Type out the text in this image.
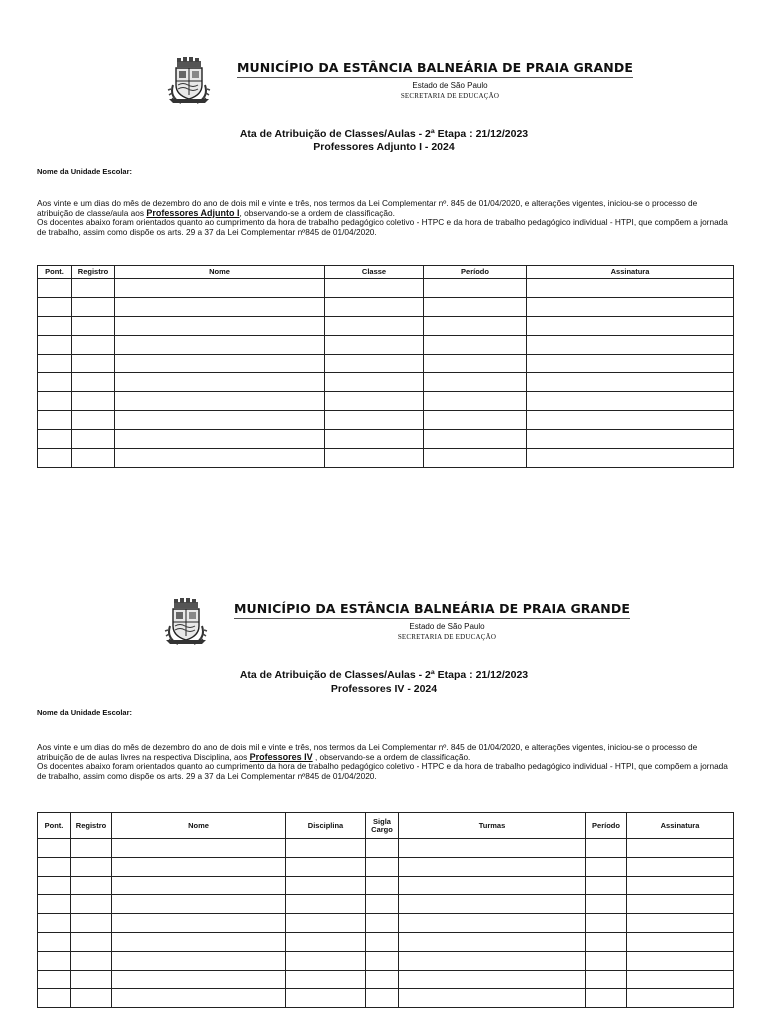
MUNICÍPIO DA ESTÂNCIA BALNEÁRIA DE PRAIA GRANDE
Estado de São Paulo
SECRETARIA DE EDUCAÇÃO
Ata de Atribuição de Classes/Aulas - 2ª Etapa : 21/12/2023
Professores Adjunto I - 2024
Nome da Unidade Escolar:
Aos vinte e um dias do mês de dezembro do ano de dois mil e vinte e três, nos termos da Lei Complementar nº. 845 de 01/04/2020, e alterações vigentes, iniciou-se o processo de atribuição de classe/aula aos Professores Adjunto I, observando-se a ordem de classificação.
Os docentes abaixo foram orientados quanto ao cumprimento da hora de trabalho pedagógico coletivo - HTPC e da hora de trabalho pedagógico individual - HTPI, que compõem a jornada de trabalho, assim como dispõe os arts. 29 a 37 da Lei Complementar nº845 de 01/04/2020.
Pont.	Registro	Nome	Classe	Período	Assinatura

MUNICÍPIO DA ESTÂNCIA BALNEÁRIA DE PRAIA GRANDE
Estado de São Paulo
SECRETARIA DE EDUCAÇÃO
Ata de Atribuição de Classes/Aulas - 2ª Etapa : 21/12/2023
Professores IV - 2024
Nome da Unidade Escolar:
Aos vinte e um dias do mês de dezembro do ano de dois mil e vinte e três, nos termos da Lei Complementar nº. 845 de 01/04/2020, e alterações vigentes, iniciou-se o processo de atribuição de de aulas livres na respectiva Disciplina, aos Professores IV , observando-se a ordem de classificação.
Os docentes abaixo foram orientados quanto ao cumprimento da hora de trabalho pedagógico coletivo - HTPC e da hora de trabalho pedagógico individual - HTPI, que compõem a jornada de trabalho, assim como dispõe os arts. 29 a 37 da Lei Complementar nº845 de 01/04/2020.
Pont.	Registro	Nome	Disciplina	Sigla Cargo	Turmas	Período	Assinatura
